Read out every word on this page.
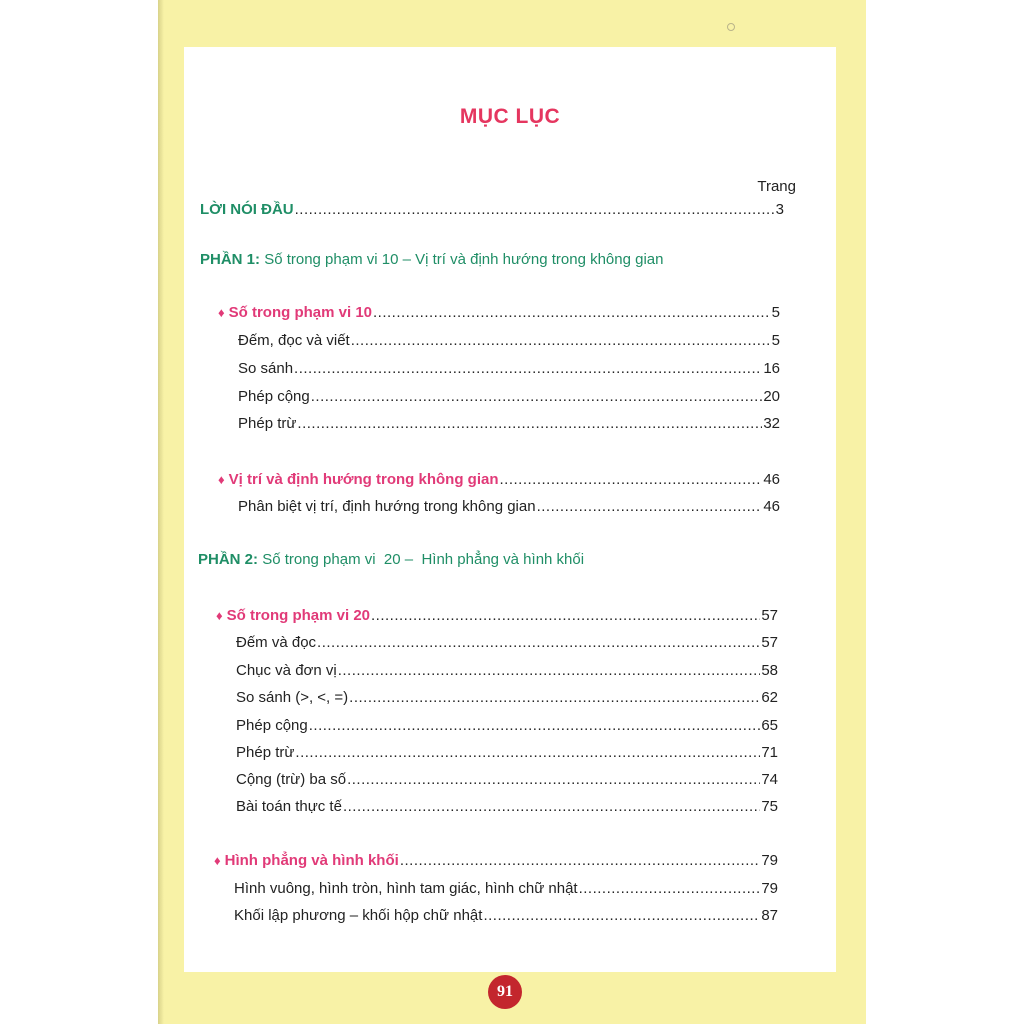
MỤC LỤC
Trang
LỜI NÓI ĐẦU .....	3
PHẦN 1: Số trong phạm vi 10 – Vị trí và định hướng trong không gian
♦ Số trong phạm vi 10 .....	5
Đếm, đọc và viết .....	5
So sánh .....	16
Phép cộng .....	20
Phép trừ .....	32
♦ Vị trí và định hướng trong không gian .....	46
Phân biệt vị trí, định hướng trong không gian .....	46
PHẦN 2: Số trong phạm vi  20 –  Hình phẳng và hình khối
♦ Số trong phạm vi 20 .....	57
Đếm và đọc .....	57
Chục và đơn vị .....	58
So sánh (>, <, =) .....	62
Phép cộng .....	65
Phép trừ .....	71
Cộng (trừ) ba số .....	74
Bài toán thực tế .....	75
♦ Hình phẳng và hình khối .....	79
Hình vuông, hình tròn, hình tam giác, hình chữ nhật .....	79
Khối lập phương – khối hộp chữ nhật .....	87
91
